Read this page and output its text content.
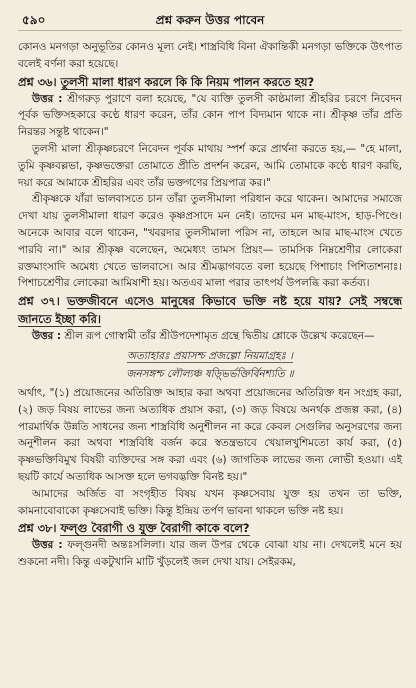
৫৯০	প্রশ্ন করুন উত্তর পাবেন

কোনও মনগড়া অনুভূতির কোনও মূল্য নেই। শাস্ত্রবিধি বিনা ঐকান্তিকী মনগড়া ভক্তিকে উৎপাত বলেই বর্ণনা করা হয়েছে।

প্রশ্ন ৩৬। তুলসী মালা ধারণ করলে কি কি নিয়ম পালন করতে হয়?

উত্তর : শ্রীগরুড় পুরাণে বলা হয়েছে, "যে ব্যক্তি তুলসী কাষ্ঠমালা শ্রীহরির চরণে নিবেদন পূর্বক ভক্তিসহকারে কণ্ঠে ধারণ করেন, তাঁর কোন পাপ বিদ্যমান থাকে না। শ্রীকৃষ্ণ তাঁর প্রতি নিরন্তর সন্তুষ্ট থাকেন।"

তুলসী মালা শ্রীকৃষ্ণচরণে নিবেদন পূর্বক মাথায় স্পর্শ করে প্রার্থনা করতে হয়,— "হে মালা, তুমি কৃষ্ণবল্লভা, কৃষ্ণভক্তেরা তোমাতে প্রীতি প্রদর্শন করেন, আমি তোমাকে কণ্ঠে ধারণ করছি, দয়া করে আমাকে শ্রীহরির এবং তাঁর ভক্তগণের প্রিয়পাত্র কর।"

শ্রীকৃষ্ণকে যাঁরা ভালবাসতে চান তাঁরা তুলসীমালা পরিধান করে থাকেন। আমাদের সমাজে দেখা যায় তুলসীমালা ধারণ করেও কৃষ্ণপ্রসাদে মন নেই। তাদের মন মাছ-মাংস, হাড়-পিণ্ডে। অনেকে আবার বলে থাকেন, "খবরদার তুলসীমালা পরিস না, তাহলে আর মাছ-মাংস খেতে পারবি না।" আর শ্রীকৃষ্ণ বলেছেন, অমেধ্যং তামস প্রিয়ং— তামসিক নিম্নশ্রেণীর লোকেরা রক্তমাংসাদি অমেধ্য খেতে ভালবাসে। আর শ্রীমদ্ভাগবতে বলা হয়েছে পিশাচাং পিশিতাশনাঃ। পিশাচশ্রেণীর লোকেরা আমিষাশী হয়। অতএব মালা পরার তাৎপর্য উপলব্ধি করা কর্তব্য।

প্রশ্ন ৩৭। ভক্তজীবনে এসেও মানুষের কিভাবে ভক্তি নষ্ট হয়ে যায়? সেই সম্বন্ধে জানতে ইচ্ছা করি।

উত্তর : শ্রীল রূপ গোস্বামী তাঁর শ্রীউপদেশামৃত গ্রন্থে দ্বিতীয় শ্লোকে উল্লেখ করেছেন—

অত্যাহারঃ প্রয়াসশ্চ প্রজল্পো নিয়মাগ্রহঃ ।
জনসঙ্গশ্চ লৌল্যঞ্চ ষড়্ভির্ভক্তির্বিনশ্যতি ॥

অর্থাৎ, "(১) প্রয়োজনের অতিরিক্ত আহার করা অথবা প্রয়োজনের অতিরিক্ত ধন সংগ্রহ করা, (২) জড় বিষয় লাভের জন্য অত্যধিক প্রয়াস করা, (৩) জড় বিষয়ে অনর্থক প্রজল্প করা, (৪) পারমার্থিক উন্নতি সাধনের জন্য শাস্ত্রবিধি অনুশীলন না করে কেবল সেগুলির অনুসরণের জন্য অনুশীলন করা অথবা শাস্ত্রবিধি বর্জন করে স্বতন্ত্রভাবে খেয়ালখুশিমতো কার্য করা, (৫) কৃষ্ণভক্তিবিমুখ বিষয়ী ব্যক্তিদের সঙ্গ করা এবং (৬) জাগতিক লাভের জন্য লোভী হওয়া। এই ছয়টি কার্যে অত্যধিক আসক্ত হলে ভগবদ্ভক্তি বিনষ্ট হয়।"

আমাদের অর্জিত বা সংগৃহীত বিষয় যখন কৃষ্ণসেবায় যুক্ত হয় তখন তা ভক্তি, কামনাবোবাকো কৃষ্ণসেবাই ভক্তি। কিন্তু ইন্দ্রিয় তর্পণ ভাবনা থাকলে ভক্তি নষ্ট হয়।

প্রশ্ন ৩৮। ফল্গু বৈরাগী ও যুক্ত বৈরাগী কাকে বলে?

উত্তর : ফল্গুনদী অন্তঃসলিলা। যার জল উপর থেকে বোঝা যায় না। দেখলেই মনে হয় শুকনো নদী। কিন্তু একটুখানি মাটি খুঁড়লেই জল দেখা যায়। সেইরকম,
